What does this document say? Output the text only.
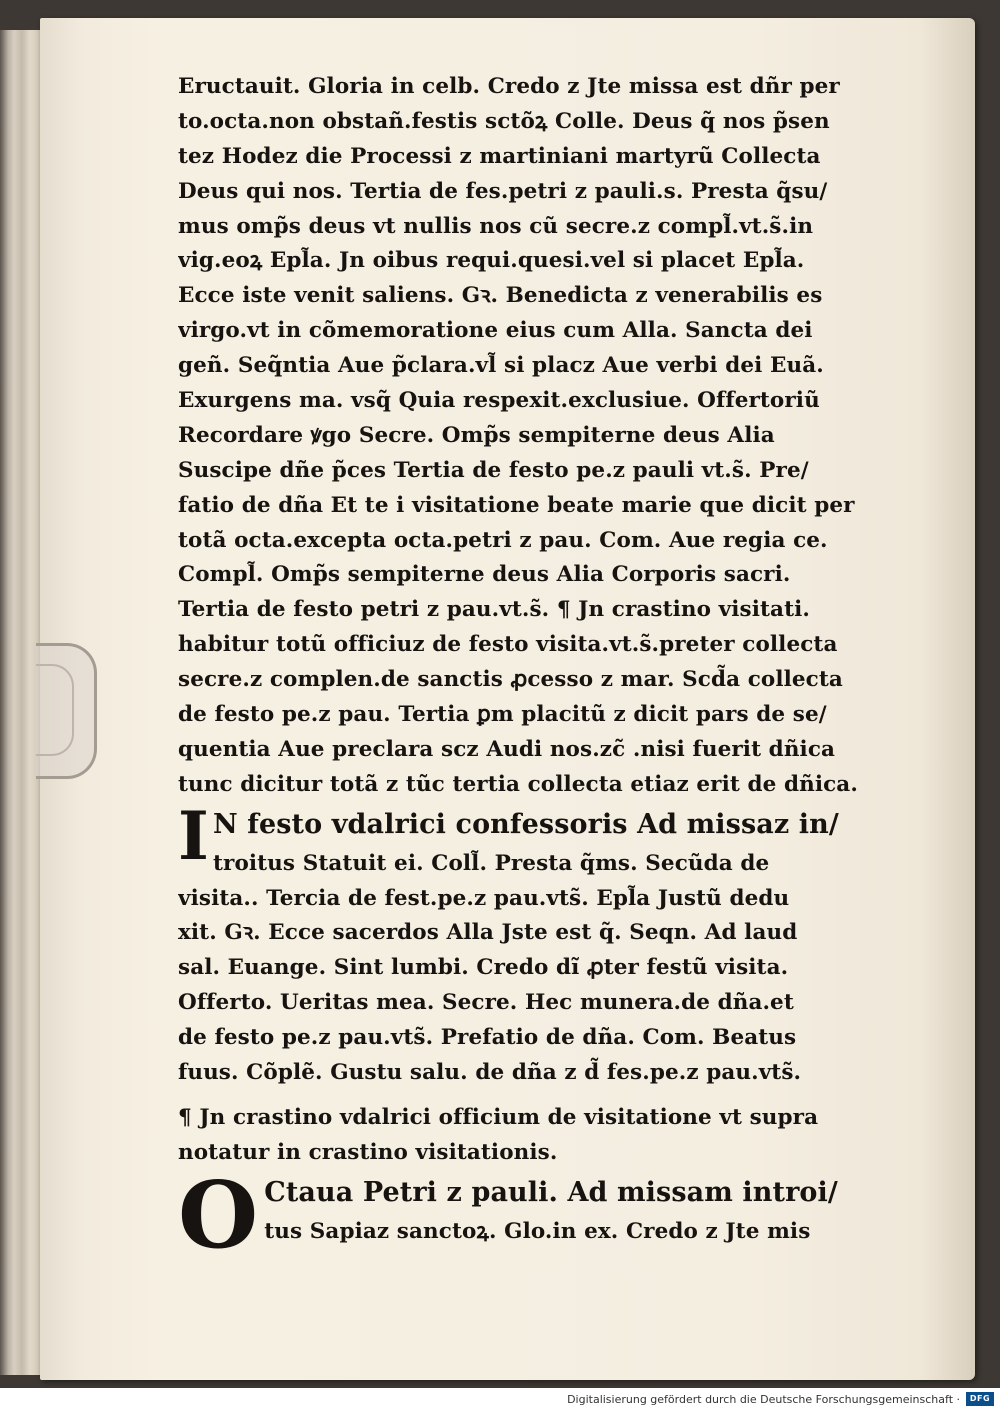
Eructauit. Gloria in celb. Credo z Jte missa est dñr per
to.octa.non obstañ.festis sctõꝝ Colle. Deus q̃ nos p̃sen
tez Hodez die Processi z martiniani martyrũ Collecta
Deus qui nos. Tertia de fes.petri z pauli.s. Presta q̃su/
mus omp̃s deus vt nullis nos cũ secre.z compl̃.vt.s̃.in
vig.eoꝝ Epl̃a. Jn oibus requi.quesi.vel si placet Epl̃a.
Ecce iste venit saliens. Gꝛ. Benedicta z venerabilis es
virgo.vt in cõmemoratione eius cum Alla. Sancta dei
geñ. Seq̃ntia Aue p̃clara.vl̃ si placz Aue verbi dei Euã.
Exurgens ma. vsq̃ Quia respexit.exclusiue. Offertoriũ
Recordare ꝟgo Secre. Omp̃s sempiterne deus Alia
Suscipe dñe p̃ces Tertia de festo pe.z pauli vt.s̃. Pre/
fatio de dña Et te i visitatione beate marie que dicit per
totã octa.excepta octa.petri z pau. Com. Aue regia ce.
Compl̃. Omp̃s sempiterne deus Alia Corporis sacri.
Tertia de festo petri z pau.vt.s̃. ¶ Jn crastino visitati.
habitur totũ officiuz de festo visita.vt.s̃.preter collecta
secre.z complen.de sanctis ꝓcesso z mar. Scd̃a collecta
de festo pe.z pau. Tertia ꝑm placitũ z dicit pars de se/
quentia Aue preclara scz Audi nos.zc̃ .nisi fuerit dñica
tunc dicitur totã z tũc tertia collecta etiaz erit de dñica.
I N festo vdalrici confessoris Ad missaz in/
troitus Statuit ei. Coll̃. Presta q̃ms. Secũda de
visita.. Tercia de fest.pe.z pau.vts̃. Epl̃a Justũ dedu
xit. Gꝛ. Ecce sacerdos Alla Jste est q̃. Seqn. Ad laud
sal. Euange. Sint lumbi. Credo dĩ ꝓter festũ visita.
Offerto. Ueritas mea. Secre. Hec munera.de dña.et
de festo pe.z pau.vts̃. Prefatio de dña. Com. Beatus
fuus. Cõplẽ. Gustu salu. de dña z d̃ fes.pe.z pau.vts̃.
¶ Jn crastino vdalrici officium de visitatione vt supra
notatur in crastino visitationis.
O Ctaua Petri z pauli. Ad missam introi/
tus Sapiaz sanctoꝝ. Glo.in ex. Credo z Jte mis
Digitalisierung gefördert durch die Deutsche Forschungsgemeinschaft ·	DFG
